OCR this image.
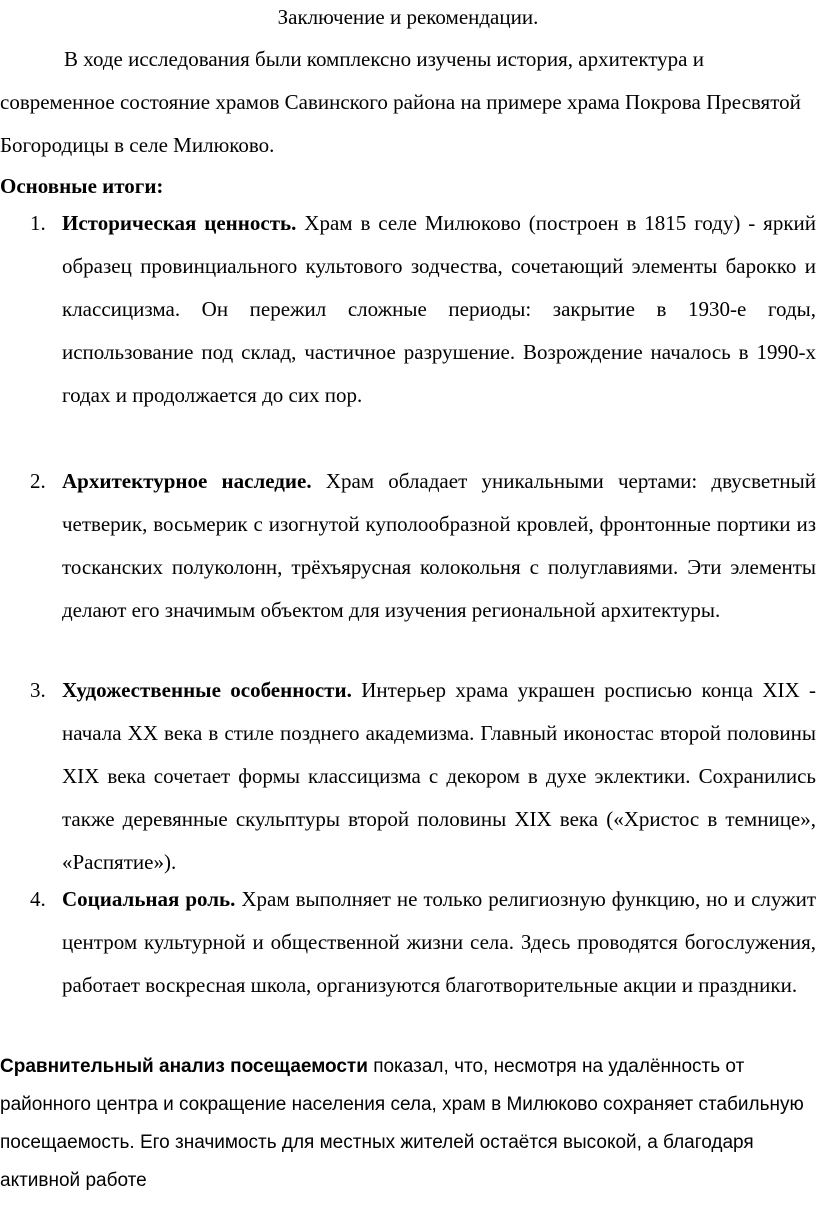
Заключение и рекомендации.

В ходе исследования были комплексно изучены история, архитектура и современное состояние храмов Савинского района на примере храма Покрова Пресвятой Богородицы в селе Милюково.

Основные итоги:

1. Историческая ценность. Храм в селе Милюково (построен в 1815 году) - яркий образец провинциального культового зодчества, сочетающий элементы барокко и классицизма. Он пережил сложные периоды: закрытие в 1930-е годы, использование под склад, частичное разрушение. Возрождение началось в 1990-х годах и продолжается до сих пор.
2. Архитектурное наследие. Храм обладает уникальными чертами: двусветный четверик, восьмерик с изогнутой куполообразной кровлей, фронтонные портики из тосканских полуколонн, трёхъярусная колокольня с полуглавиями. Эти элементы делают его значимым объектом для изучения региональной архитектуры.
3. Художественные особенности. Интерьер храма украшен росписью конца XIX - начала XX века в стиле позднего академизма. Главный иконостас второй половины XIX века сочетает формы классицизма с декором в духе эклектики. Сохранились также деревянные скульптуры второй половины XIX века («Христос в темнице», «Распятие»).
4. Социальная роль. Храм выполняет не только религиозную функцию, но и служит центром культурной и общественной жизни села. Здесь проводятся богослужения, работает воскресная школа, организуются благотворительные акции и праздники.

Сравнительный анализ посещаемости показал, что, несмотря на удалённость от районного центра и сокращение населения села, храм в Милюково сохраняет стабильную посещаемость. Его значимость для местных жителей остаётся высокой, а благодаря активной работе
